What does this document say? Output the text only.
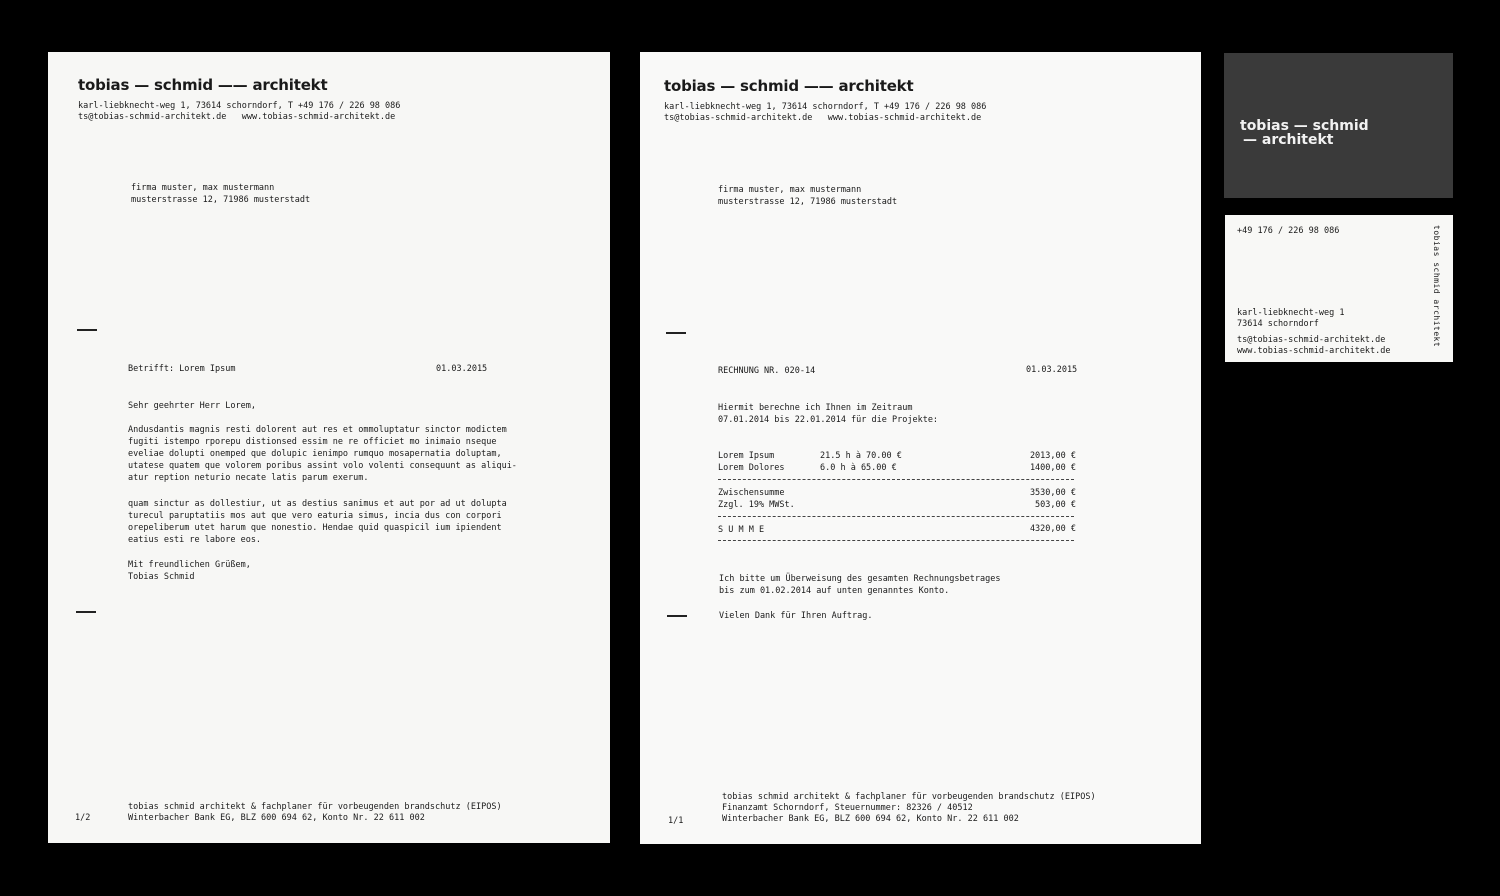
tobias — schmid —— architekt
karl-liebknecht-weg 1, 73614 schorndorf, T +49 176 / 226 98 086
ts@tobias-schmid-architekt.de   www.tobias-schmid-architekt.de
firma muster, max mustermann
musterstrasse 12, 71986 musterstadt
Betrifft: Lorem Ipsum	01.03.2015
Sehr geehrter Herr Lorem,
Andusdantis magnis resti dolorent aut res et ommoluptatur sinctor modictem
fugiti istempo rporepu distionsed essim ne re officiet mo inimaio nseque
eveliae dolupti onemped que dolupic ienimpo rumquo mosapernatia doluptam,
utatese quatem que volorem poribus assint volo volenti consequunt as aliqui-
atur reption neturio necate latis parum exerum.
quam sinctur as dollestiur, ut as destius sanimus et aut por ad ut dolupta
turecul paruptatiis mos aut que vero eaturia simus, incia dus con corpori
orepeliberum utet harum que nonestio. Hendae quid quaspicil ium ipiendent
eatius esti re labore eos.
Mit freundlichen Grüßem,
Tobias Schmid
1/2
tobias schmid architekt & fachplaner für vorbeugenden brandschutz (EIPOS)
Winterbacher Bank EG, BLZ 600 694 62, Konto Nr. 22 611 002
tobias — schmid —— architekt
karl-liebknecht-weg 1, 73614 schorndorf, T +49 176 / 226 98 086
ts@tobias-schmid-architekt.de   www.tobias-schmid-architekt.de
firma muster, max mustermann
musterstrasse 12, 71986 musterstadt
RECHNUNG NR. 020-14	01.03.2015
Hiermit berechne ich Ihnen im Zeitraum
07.01.2014 bis 22.01.2014 für die Projekte:
Lorem Ipsum	21.5 h à 70.00 €	2013,00 €
Lorem Dolores	6.0 h à 65.00 €	1400,00 €
Zwischensumme	3530,00 €
Zzgl. 19% MWSt.	503,00 €
S U M M E	4320,00 €
Ich bitte um Überweisung des gesamten Rechnungsbetrages
bis zum 01.02.2014 auf unten genanntes Konto.
Vielen Dank für Ihren Auftrag.
tobias schmid architekt & fachplaner für vorbeugenden brandschutz (EIPOS)
Finanzamt Schorndorf, Steuernummer: 82326 / 40512
1/1	Winterbacher Bank EG, BLZ 600 694 62, Konto Nr. 22 611 002
tobias — schmid
— architekt
+49 176 / 226 98 086
karl-liebknecht-weg 1
73614 schorndorf
ts@tobias-schmid-architekt.de
www.tobias-schmid-architekt.de
tobias schmid architekt
